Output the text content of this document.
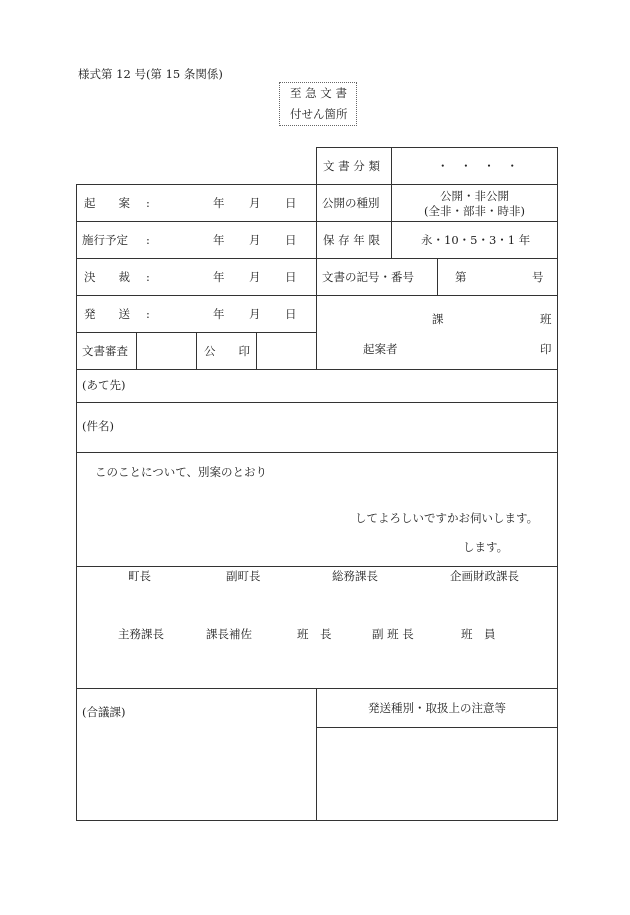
様式第 12 号(第 15 条関係)
至 急 文 書
付せん箇所
文 書 分 類	・ ・ ・ ・
起　　案 :	年 月 日 公開の種別	公開・非公開
(全非・部非・時非)
施行予定 :	年 月 日 保 存 年 限	永・10・5・3・1 年
決　　裁 :	年 月 日 文書の記号・番号	第	号
発　　送 :	年 月 日	課	班
起案者	印
文書審査	公　　印
(あて先)
(件名)
このことについて、別案のとおり
してよろしいですかお伺いします。
します。
町長	副町長	総務課長	企画財政課長
主務課長	課長補佐	班　長	副 班 長	班　員
(合議課)	発送種別・取扱上の注意等
